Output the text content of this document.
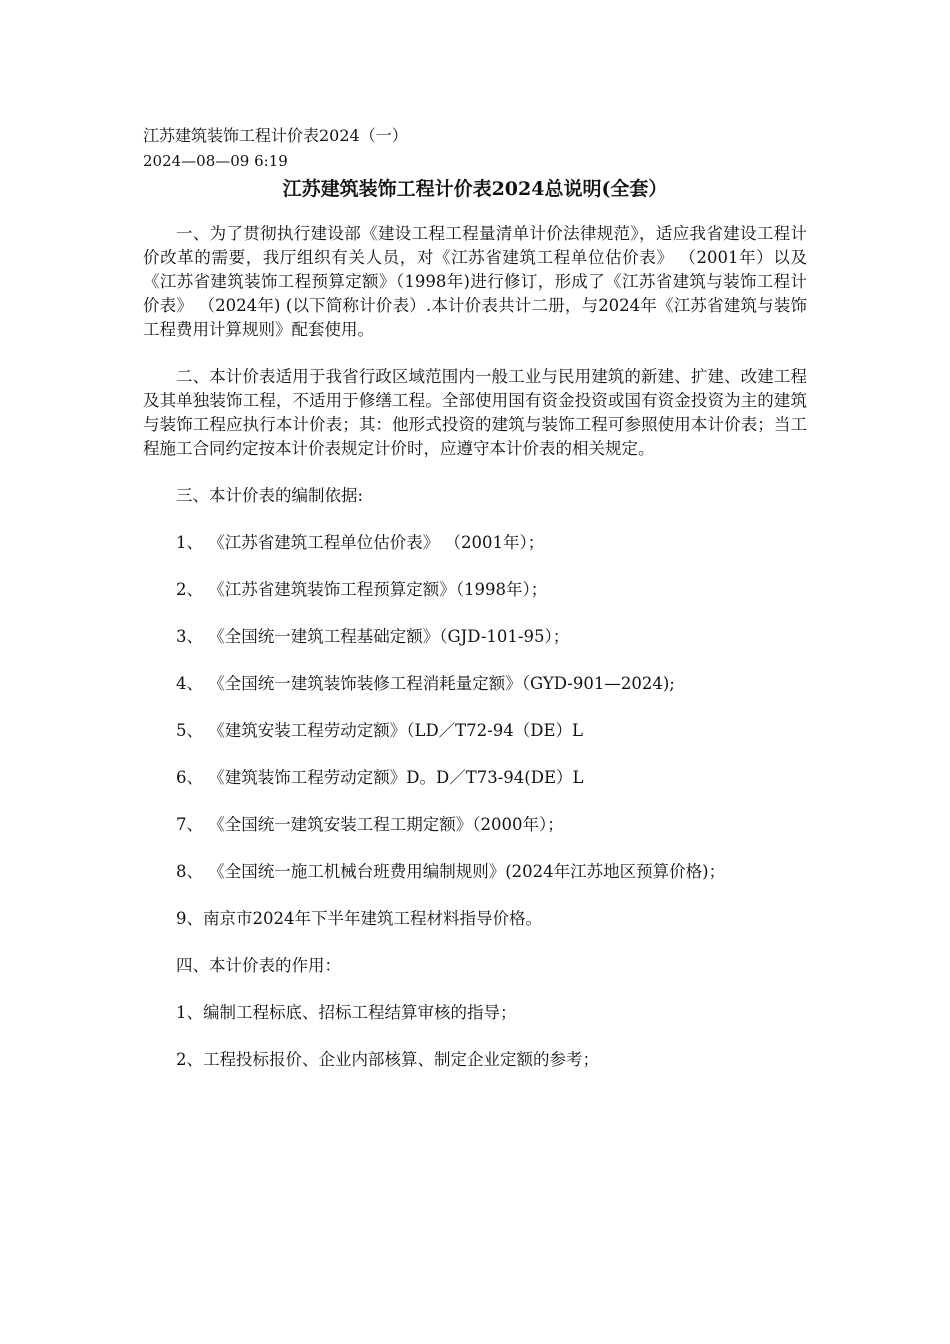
江苏建筑装饰工程计价表2024（一）
2024—08—09 6:19
江苏建筑装饰工程计价表2024总说明(全套）

一、为了贯彻执行建设部《建设工程工程量清单计价法律规范》，适应我省建设工程计价改革的需要，我厅组织有关人员，对《江苏省建筑工程单位估价表》 （2001年）以及《江苏省建筑装饰工程预算定额》（1998年)进行修订，形成了《江苏省建筑与装饰工程计价表》 （2024年) (以下简称计价表）.本计价表共计二册，与2024年《江苏省建筑与装饰工程费用计算规则》配套使用。

二、本计价表适用于我省行政区域范围内一般工业与民用建筑的新建、扩建、改建工程及其单独装饰工程，不适用于修缮工程。全部使用国有资金投资或国有资金投资为主的建筑与装饰工程应执行本计价表；其：他形式投资的建筑与装饰工程可参照使用本计价表；当工程施工合同约定按本计价表规定计价时，应遵守本计价表的相关规定。

三、本计价表的编制依据:

1、 《江苏省建筑工程单位估价表》 （2001年）；

2、 《江苏省建筑装饰工程预算定额》（1998年）；

3、 《全国统一建筑工程基础定额》（GJD-101-95）；

4、 《全国统一建筑装饰装修工程消耗量定额》（GYD-901—2024);

5、 《建筑安装工程劳动定额》（LD／T72-94（DE）L

6、 《建筑装饰工程劳动定额》D。D／T73-94(DE）L

7、 《全国统一建筑安装工程工期定额》（2000年）；

8、 《全国统一施工机械台班费用编制规则》(2024年江苏地区预算价格)；

9、南京市2024年下半年建筑工程材料指导价格。

四、本计价表的作用：

1、编制工程标底、招标工程结算审核的指导；

2、工程投标报价、企业内部核算、制定企业定额的参考；
